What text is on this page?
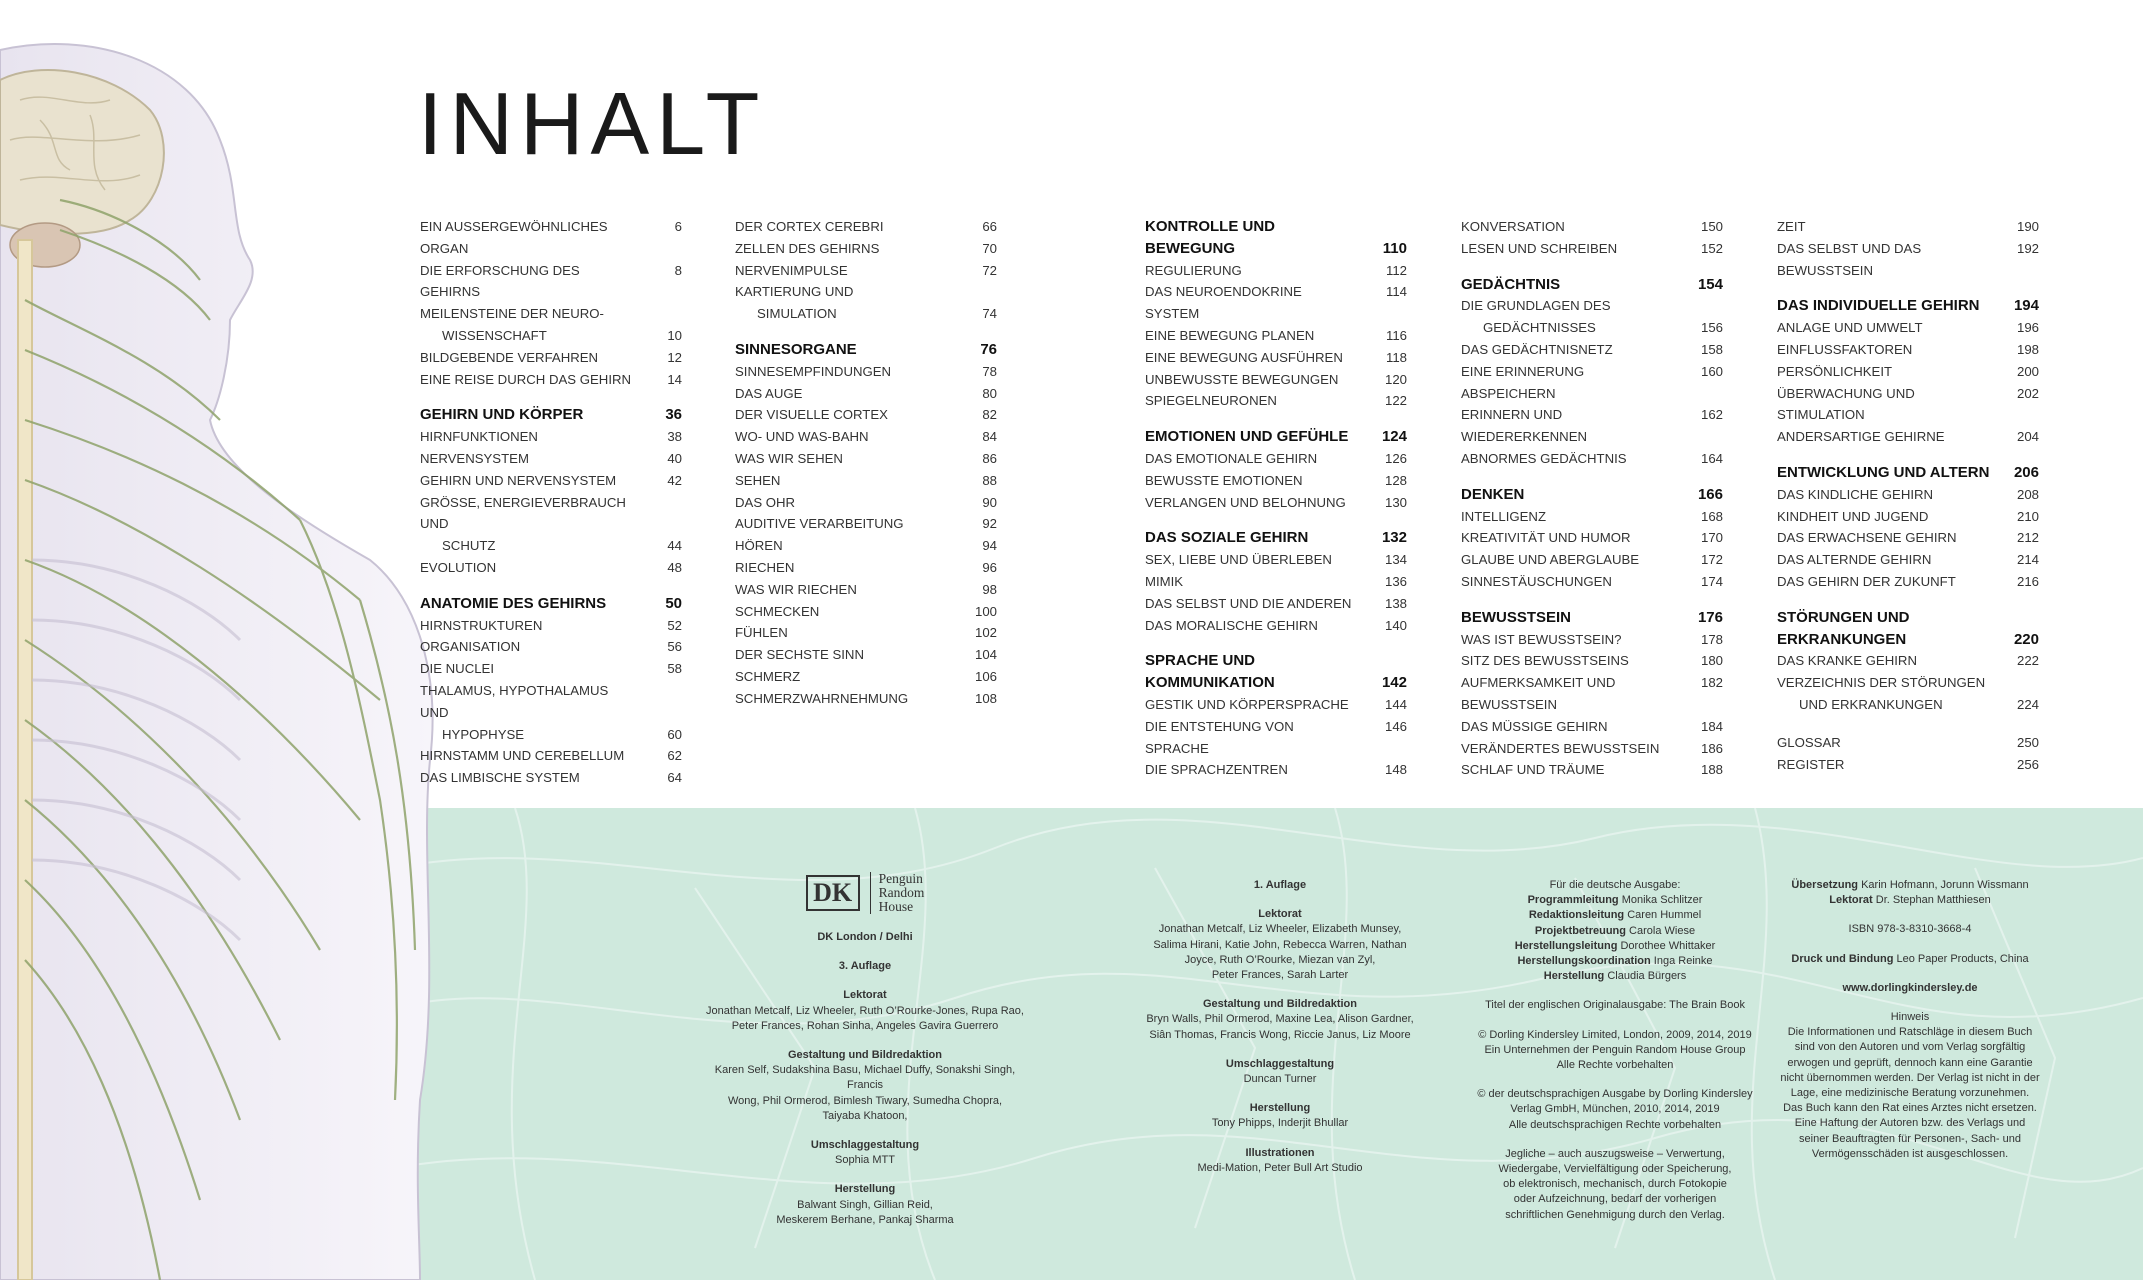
INHALT
EIN AUSSERGEWÖHNLICHES ORGAN
6
DIE ERFORSCHUNG DES GEHIRNS
8
MEILENSTEINE DER NEURO-
WISSENSCHAFT	10
BILDGEBENDE VERFAHREN	12
EINE REISE DURCH DAS GEHIRN	14
GEHIRN UND KÖRPER	36
HIRNFUNKTIONEN	38
NERVENSYSTEM	40
GEHIRN UND NERVENSYSTEM	42
GRÖSSE, ENERGIEVERBRAUCH UND
SCHUTZ	44
EVOLUTION	48
ANATOMIE DES GEHIRNS	50
HIRNSTRUKTUREN	52
ORGANISATION	56
DIE NUCLEI	58
THALAMUS, HYPOTHALAMUS UND
HYPOPHYSE	60
HIRNSTAMM UND CEREBELLUM	62
DAS LIMBISCHE SYSTEM	64
DER CORTEX CEREBRI	66
ZELLEN DES GEHIRNS	70
NERVENIMPULSE	72
KARTIERUNG UND
SIMULATION	74
SINNESORGANE	76
SINNESEMPFINDUNGEN	78
DAS AUGE	80
DER VISUELLE CORTEX	82
WO- UND WAS-BAHN	84
WAS WIR SEHEN	86
SEHEN	88
DAS OHR	90
AUDITIVE VERARBEITUNG	92
HÖREN	94
RIECHEN	96
WAS WIR RIECHEN	98
SCHMECKEN	100
FÜHLEN	102
DER SECHSTE SINN	104
SCHMERZ	106
SCHMERZWAHRNEHMUNG	108
KONTROLLE UND
BEWEGUNG	110
REGULIERUNG	112
DAS NEUROENDOKRINE SYSTEM
114
EINE BEWEGUNG PLANEN	116
EINE BEWEGUNG AUSFÜHREN	118
UNBEWUSSTE BEWEGUNGEN	120
SPIEGELNEURONEN	122
EMOTIONEN UND GEFÜHLE	124
DAS EMOTIONALE GEHIRN	126
BEWUSSTE EMOTIONEN	128
VERLANGEN UND BELOHNUNG	130
DAS SOZIALE GEHIRN	132
SEX, LIEBE UND ÜBERLEBEN	134
MIMIK	136
DAS SELBST UND DIE ANDEREN	138
DAS MORALISCHE GEHIRN	140
SPRACHE UND
KOMMUNIKATION	142
GESTIK UND KÖRPERSPRACHE	144
DIE ENTSTEHUNG VON SPRACHE
146
DIE SPRACHZENTREN	148
KONVERSATION	150
LESEN UND SCHREIBEN	152
GEDÄCHTNIS	154
DIE GRUNDLAGEN DES
GEDÄCHTNISSES	156
DAS GEDÄCHTNISNETZ	158
EINE ERINNERUNG ABSPEICHERN
160
ERINNERN UND WIEDERERKENNEN
162
ABNORMES GEDÄCHTNIS	164
DENKEN	166
INTELLIGENZ	168
KREATIVITÄT UND HUMOR	170
GLAUBE UND ABERGLAUBE	172
SINNESTÄUSCHUNGEN	174
BEWUSSTSEIN	176
WAS IST BEWUSSTSEIN?	178
SITZ DES BEWUSSTSEINS	180
AUFMERKSAMKEIT UND BEWUSSTSEIN
182
DAS MÜSSIGE GEHIRN	184
VERÄNDERTES BEWUSSTSEIN	186
SCHLAF UND TRÄUME	188
ZEIT	190
DAS SELBST UND DAS BEWUSSTSEIN
192
DAS INDIVIDUELLE GEHIRN	194
ANLAGE UND UMWELT	196
EINFLUSSFAKTOREN	198
PERSÖNLICHKEIT	200
ÜBERWACHUNG UND STIMULATION
202
ANDERSARTIGE GEHIRNE	204
ENTWICKLUNG UND ALTERN	206
DAS KINDLICHE GEHIRN	208
KINDHEIT UND JUGEND	210
DAS ERWACHSENE GEHIRN	212
DAS ALTERNDE GEHIRN	214
DAS GEHIRN DER ZUKUNFT	216
STÖRUNGEN UND
ERKRANKUNGEN	220
DAS KRANKE GEHIRN	222
VERZEICHNIS DER STÖRUNGEN
UND ERKRANKUNGEN	224
GLOSSAR	250
REGISTER	256
DK	Penguin
Random
House

DK London / Delhi

3. Auflage

Lektorat

Jonathan Metcalf, Liz Wheeler, Ruth O’Rourke-Jones, Rupa Rao,

Peter Frances, Rohan Sinha, Angeles Gavira Guerrero

Gestaltung und Bildredaktion

Karen Self, Sudakshina Basu, Michael Duffy, Sonakshi Singh, Francis

Wong, Phil Ormerod, Bimlesh Tiwary, Sumedha Chopra,

Taiyaba Khatoon,

Umschlaggestaltung

Sophia MTT

Herstellung

Balwant Singh, Gillian Reid,

Meskerem Berhane, Pankaj Sharma

1. Auflage

Lektorat

Jonathan Metcalf, Liz Wheeler, Elizabeth Munsey,

Salima Hirani, Katie John, Rebecca Warren, Nathan

Joyce, Ruth O’Rourke, Miezan van Zyl,

Peter Frances, Sarah Larter

Gestaltung und Bildredaktion

Bryn Walls, Phil Ormerod, Maxine Lea, Alison Gardner,

Siân Thomas, Francis Wong, Riccie Janus, Liz Moore

Umschlaggestaltung

Duncan Turner

Herstellung

Tony Phipps, Inderjit Bhullar

Illustrationen

Medi-Mation, Peter Bull Art Studio

Für die deutsche Ausgabe:

Programmleitung Monika Schlitzer

Redaktionsleitung Caren Hummel

Projektbetreuung Carola Wiese

Herstellungsleitung Dorothee Whittaker

Herstellungskoordination Inga Reinke

Herstellung Claudia Bürgers

Titel der englischen Originalausgabe: The Brain Book

© Dorling Kindersley Limited, London, 2009, 2014, 2019

Ein Unternehmen der Penguin Random House Group

Alle Rechte vorbehalten

© der deutschsprachigen Ausgabe by Dorling Kindersley

Verlag GmbH, München, 2010, 2014, 2019

Alle deutschsprachigen Rechte vorbehalten

Jegliche – auch auszugsweise – Verwertung,

Wiedergabe, Vervielfältigung oder Speicherung,

ob elektronisch, mechanisch, durch Fotokopie

oder Aufzeichnung, bedarf der vorherigen

schriftlichen Genehmigung durch den Verlag.

Übersetzung Karin Hofmann, Jorunn Wissmann

Lektorat Dr. Stephan Matthiesen

ISBN 978-3-8310-3668-4

Druck und Bindung Leo Paper Products, China

www.dorlingkindersley.de

Hinweis

Die Informationen und Ratschläge in diesem Buch

sind von den Autoren und vom Verlag sorgfältig

erwogen und geprüft, dennoch kann eine Garantie

nicht übernommen werden. Der Verlag ist nicht in der

Lage, eine medizinische Beratung vorzunehmen.

Das Buch kann den Rat eines Arztes nicht ersetzen.

Eine Haftung der Autoren bzw. des Verlags und

seiner Beauftragten für Personen-, Sach- und

Vermögensschäden ist ausgeschlossen.
